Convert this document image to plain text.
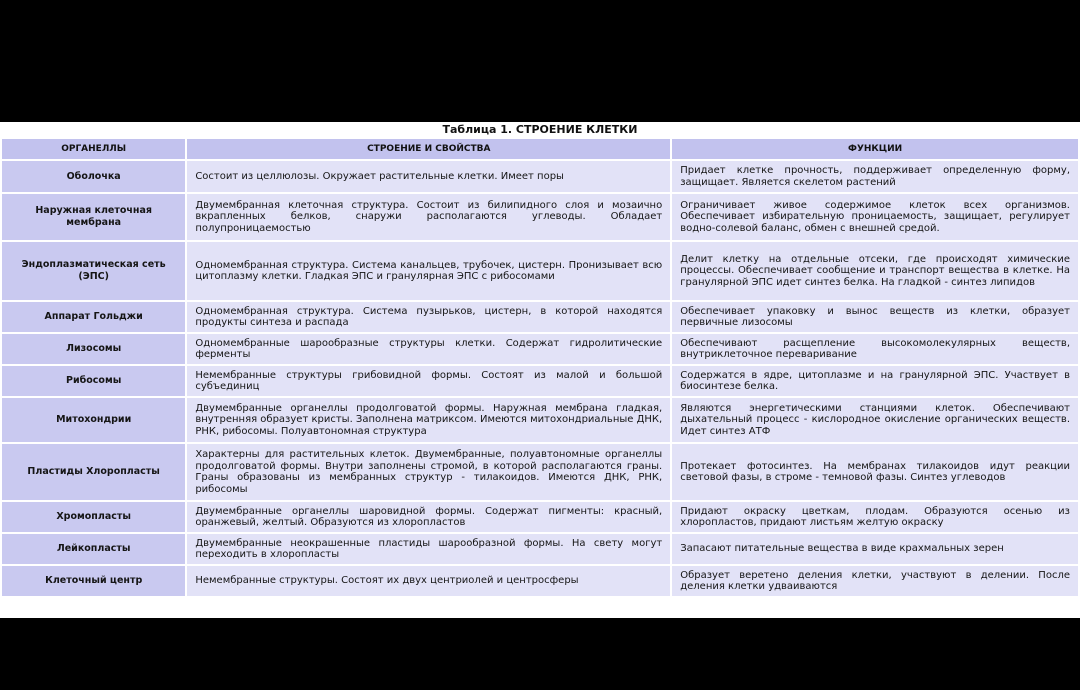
Таблица 1. СТРОЕНИЕ КЛЕТКИ
ОРГАНЕЛЛЫ	СТРОЕНИЕ И СВОЙСТВА	ФУНКЦИИ
Оболочка	Состоит из целлюлозы. Окружает растительные клетки. Имеет поры	Придает клетке прочность, поддерживает определенную форму, защищает. Является скелетом растений
Наружная клеточная мембрана	Двумембранная клеточная структура. Состоит из билипидного слоя и мозаично вкрапленных белков, снаружи располагаются углеводы. Обладает полупроницаемостью	Ограничивает живое содержимое клеток всех организмов. Обеспечивает избирательную проницаемость, защищает, регулирует водно-солевой баланс, обмен с внешней средой.
Эндоплазматическая сеть (ЭПС)	Одномембранная структура. Система канальцев, трубочек, цистерн. Пронизывает всю цитоплазму клетки. Гладкая ЭПС и гранулярная ЭПС с рибосомами	Делит клетку на отдельные отсеки, где происходят химические процессы. Обеспечивает сообщение и транспорт вещества в клетке. На гранулярной ЭПС идет синтез белка. На гладкой - синтез липидов
Аппарат Гольджи	Одномембранная структура. Система пузырьков, цистерн, в которой находятся продукты синтеза и распада	Обеспечивает упаковку и вынос веществ из клетки, образует первичные лизосомы
Лизосомы	Одномембранные шарообразные структуры клетки. Содержат гидролитические ферменты	Обеспечивают расщепление высокомолекулярных веществ, внутриклеточное переваривание
Рибосомы	Немембранные структуры грибовидной формы. Состоят из малой и большой субъединиц	Содержатся в ядре, цитоплазме и на гранулярной ЭПС. Участвует в биосинтезе белка.
Митохондрии	Двумембранные органеллы продолговатой формы. Наружная мембрана гладкая, внутренняя образует кристы. Заполнена матриксом. Имеются митохондриальные ДНК, РНК, рибосомы. Полуавтономная структура	Являются энергетическими станциями клеток. Обеспечивают дыхательный процесс - кислородное окисление органических веществ. Идет синтез АТФ
Пластиды Хлоропласты	Характерны для растительных клеток. Двумембранные, полуавтономные органеллы продолговатой формы. Внутри заполнены стромой, в которой располагаются граны. Граны образованы из мембранных структур - тилакоидов. Имеются ДНК, РНК, рибосомы	Протекает фотосинтез. На мембранах тилакоидов идут реакции световой фазы, в строме - темновой фазы. Синтез углеводов
Хромопласты	Двумембранные органеллы шаровидной формы. Содержат пигменты: красный, оранжевый, желтый. Образуются из хлоропластов	Придают окраску цветкам, плодам. Образуются осенью из хлоропластов, придают листьям желтую окраску
Лейкопласты	Двумембранные неокрашенные пластиды шарообразной формы. На свету могут переходить в хлоропласты	Запасают питательные вещества в виде крахмальных зерен
Клеточный центр	Немембранные структуры. Состоят их двух центриолей и центросферы	Образует веретено деления клетки, участвуют в делении. После деления клетки удваиваются
